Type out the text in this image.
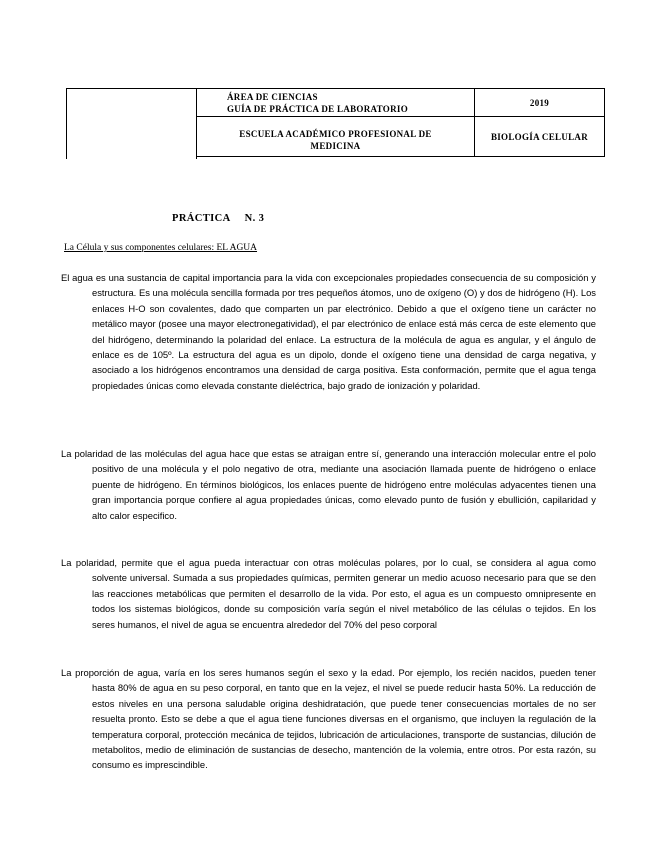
ÁREA DE CIENCIAS
GUÍA DE PRÁCTICA DE LABORATORIO
2019
ESCUELA ACADÉMICO PROFESIONAL DE
MEDICINA
BIOLOGÍA CELULAR
PRÁCTICA N. 3
La Célula y sus componentes celulares: EL AGUA

El agua es una sustancia de capital importancia para la vida con excepcionales propiedades consecuencia de su composición y estructura. Es una molécula sencilla formada por tres pequeños átomos, uno de oxígeno (O) y dos de hidrógeno (H). Los enlaces H-O son covalentes, dado que comparten un par electrónico. Debido a que el oxígeno tiene un carácter no metálico mayor (posee una mayor electronegatividad), el par electrónico de enlace está más cerca de este elemento que del hidrógeno, determinando la polaridad del enlace. La estructura de la molécula de agua es angular, y el ángulo de enlace es de 105º. La estructura del agua es un dipolo, donde el oxígeno tiene una densidad de carga negativa, y asociado a los hidrógenos encontramos una densidad de carga positiva. Esta conformación, permite que el agua tenga propiedades únicas como elevada constante dieléctrica, bajo grado de ionización y polaridad.

La polaridad de las moléculas del agua hace que estas se atraigan entre sí, generando una interacción molecular entre el polo positivo de una molécula y el polo negativo de otra, mediante una asociación llamada puente de hidrógeno o enlace puente de hidrógeno. En términos biológicos, los enlaces puente de hidrógeno entre moléculas adyacentes tienen una gran importancia porque confiere al agua propiedades únicas, como elevado punto de fusión y ebullición, capilaridad y alto calor especifico.

La polaridad, permite que el agua pueda interactuar con otras moléculas polares, por lo cual, se considera al agua como solvente universal. Sumada a sus propiedades químicas, permiten generar un medio acuoso necesario para que se den las reacciones metabólicas que permiten el desarrollo de la vida. Por esto, el agua es un compuesto omnipresente en todos los sistemas biológicos, donde su composición varía según el nivel metabólico de las células o tejidos. En los seres humanos, el nivel de agua se encuentra alrededor del 70% del peso corporal

La proporción de agua, varía en los seres humanos según el sexo y la edad. Por ejemplo, los recién nacidos, pueden tener hasta 80% de agua en su peso corporal, en tanto que en la vejez, el nivel se puede reducir hasta 50%. La reducción de estos niveles en una persona saludable origina deshidratación, que puede tener consecuencias mortales de no ser resuelta pronto. Esto se debe a que el agua tiene funciones diversas en el organismo, que incluyen la regulación de la temperatura corporal, protección mecánica de tejidos, lubricación de articulaciones, transporte de sustancias, dilución de metabolitos, medio de eliminación de sustancias de desecho, mantención de la volemia, entre otros. Por esta razón, su consumo es imprescindible.
